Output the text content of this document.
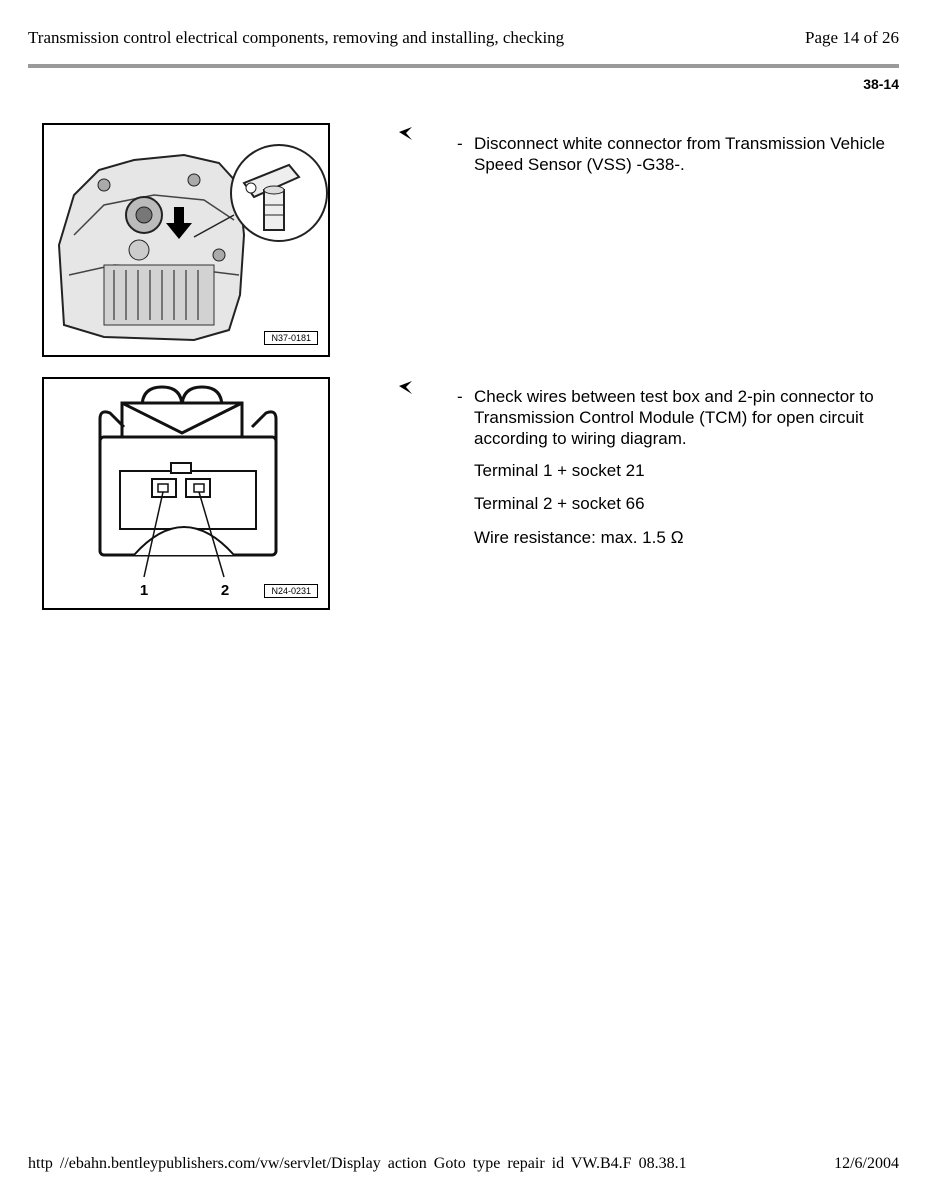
Transmission control electrical components, removing and installing, checking	Page 14 of 26
38-14
N37-0181
1	2	N24-0231
- Disconnect white connector from Transmission Vehicle Speed Sensor (VSS) -G38-.
- Check wires between test box and 2-pin connector to Transmission Control Module (TCM) for open circuit according to wiring diagram.
Terminal 1 + socket 21
Terminal 2 + socket 66
Wire resistance: max. 1.5 Ω
http //ebahn.bentleypublishers.com/vw/servlet/Display action Goto type repair id VW.B4.F 08.38.1	12/6/2004
